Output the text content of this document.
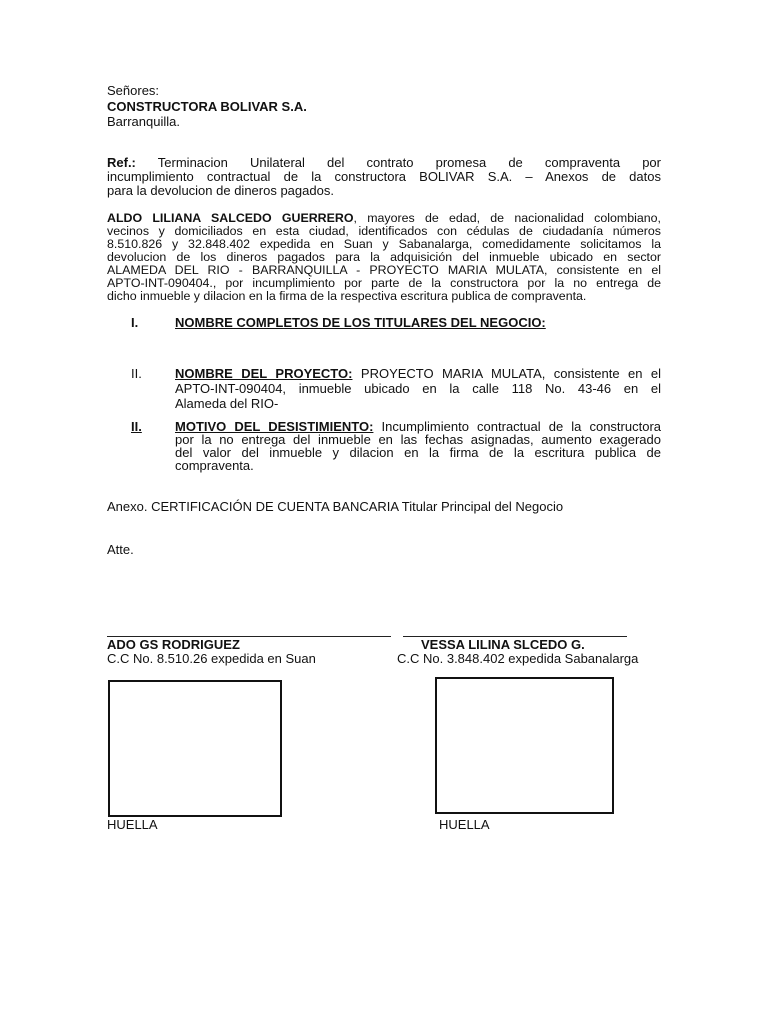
Señores:
CONSTRUCTORA BOLIVAR S.A.
Barranquilla.

Ref.: Terminacion Unilateral del contrato promesa de compraventa por

incumplimiento contractual de la constructora BOLIVAR S.A. – Anexos de datos

para la devolucion de dineros pagados.

ALDO LILIANA SALCEDO GUERRERO, mayores de edad, de nacionalidad colombiano,

vecinos y domiciliados en esta ciudad, identificados con cédulas de ciudadanía números

8.510.826 y 32.848.402 expedida en Suan y Sabanalarga, comedidamente solicitamos la

devolucion de los dineros pagados para la adquisición del inmueble ubicado en sector

ALAMEDA DEL RIO - BARRANQUILLA - PROYECTO MARIA MULATA, consistente en el

APTO-INT-090404., por incumplimiento por parte de la constructora por la no entrega de

dicho inmueble y dilacion en la firma de la respectiva escritura publica de compraventa.

I.	NOMBRE COMPLETOS DE LOS TITULARES DEL NEGOCIO:
II.	NOMBRE DEL PROYECTO: PROYECTO MARIA MULATA, consistente en el

APTO-INT-090404, inmueble ubicado en la calle 118 No. 43-46 en el

Alameda del RIO-

II.	MOTIVO DEL DESISTIMIENTO: Incumplimiento contractual de la constructora

por la no entrega del inmueble en las fechas asignadas, aumento exagerado

del valor del inmueble y dilacion en la firma de la escritura publica de

compraventa.

Anexo. CERTIFICACIÓN DE CUENTA BANCARIA Titular Principal del Negocio
Atte.
ADO GS RODRIGUEZ	VESSA LILINA SLCEDO G.
C.C No. 8.510.26 expedida en Suan	C.C No. 3.848.402 expedida Sabanalarga
HUELLA	HUELLA
